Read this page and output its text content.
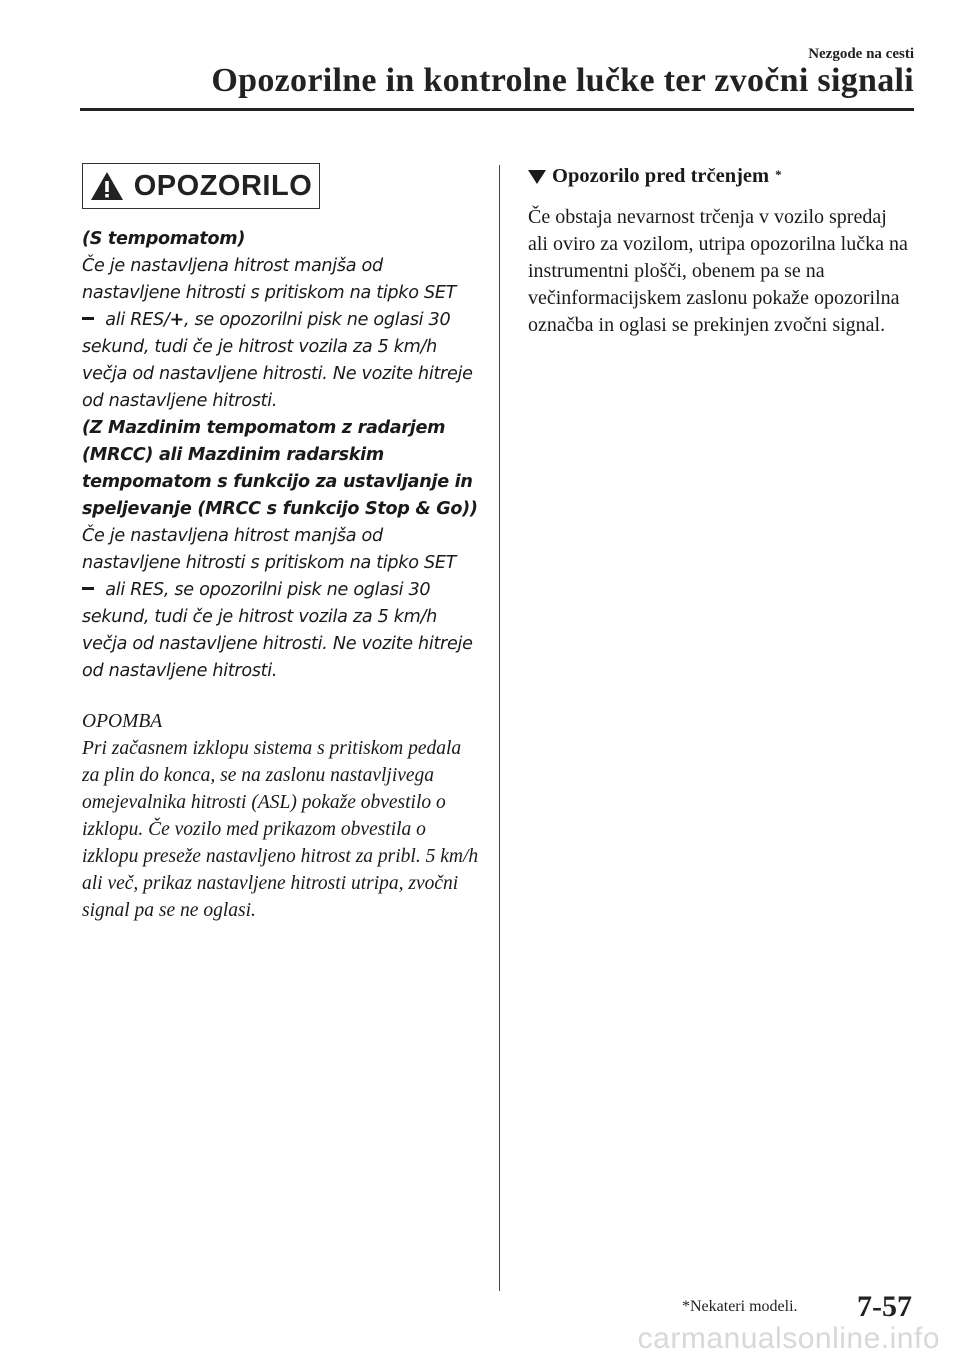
Nezgode na cesti
Opozorilne in kontrolne lučke ter zvočni signali
OPOZORILO

(S tempomatom)

Če je nastavljena hitrost manjša od nastavljene hitrosti s pritiskom na tipko SET
ali RES/+, se opozorilni pisk ne oglasi 30 sekund, tudi če je hitrost vozila za 5 km/h večja od nastavljene hitrosti. Ne vozite hitreje od nastavljene hitrosti.

(Z Mazdinim tempomatom z radarjem (MRCC) ali Mazdinim radarskim tempomatom s funkcijo za ustavljanje in speljevanje (MRCC s funkcijo Stop & Go))

Če je nastavljena hitrost manjša od nastavljene hitrosti s pritiskom na tipko SET
ali RES, se opozorilni pisk ne oglasi 30 sekund, tudi če je hitrost vozila za 5 km/h večja od nastavljene hitrosti. Ne vozite hitreje od nastavljene hitrosti.

OPOMBA

Pri začasnem izklopu sistema s pritiskom pedala za plin do konca, se na zaslonu nastavljivega omejevalnika hitrosti (ASL) pokaže obvestilo o izklopu. Če vozilo med prikazom obvestila o izklopu preseže nastavljeno hitrost za pribl. 5 km/h ali več, prikaz nastavljene hitrosti utripa, zvočni signal pa se ne oglasi.

Opozorilo pred trčenjem *

Če obstaja nevarnost trčenja v vozilo spredaj ali oviro za vozilom, utripa opozorilna lučka na instrumentni plošči, obenem pa se na večinformacijskem zaslonu pokaže opozorilna označba in oglasi se prekinjen zvočni signal.

*Nekateri modeli. 7-57
carmanualsonline.info
